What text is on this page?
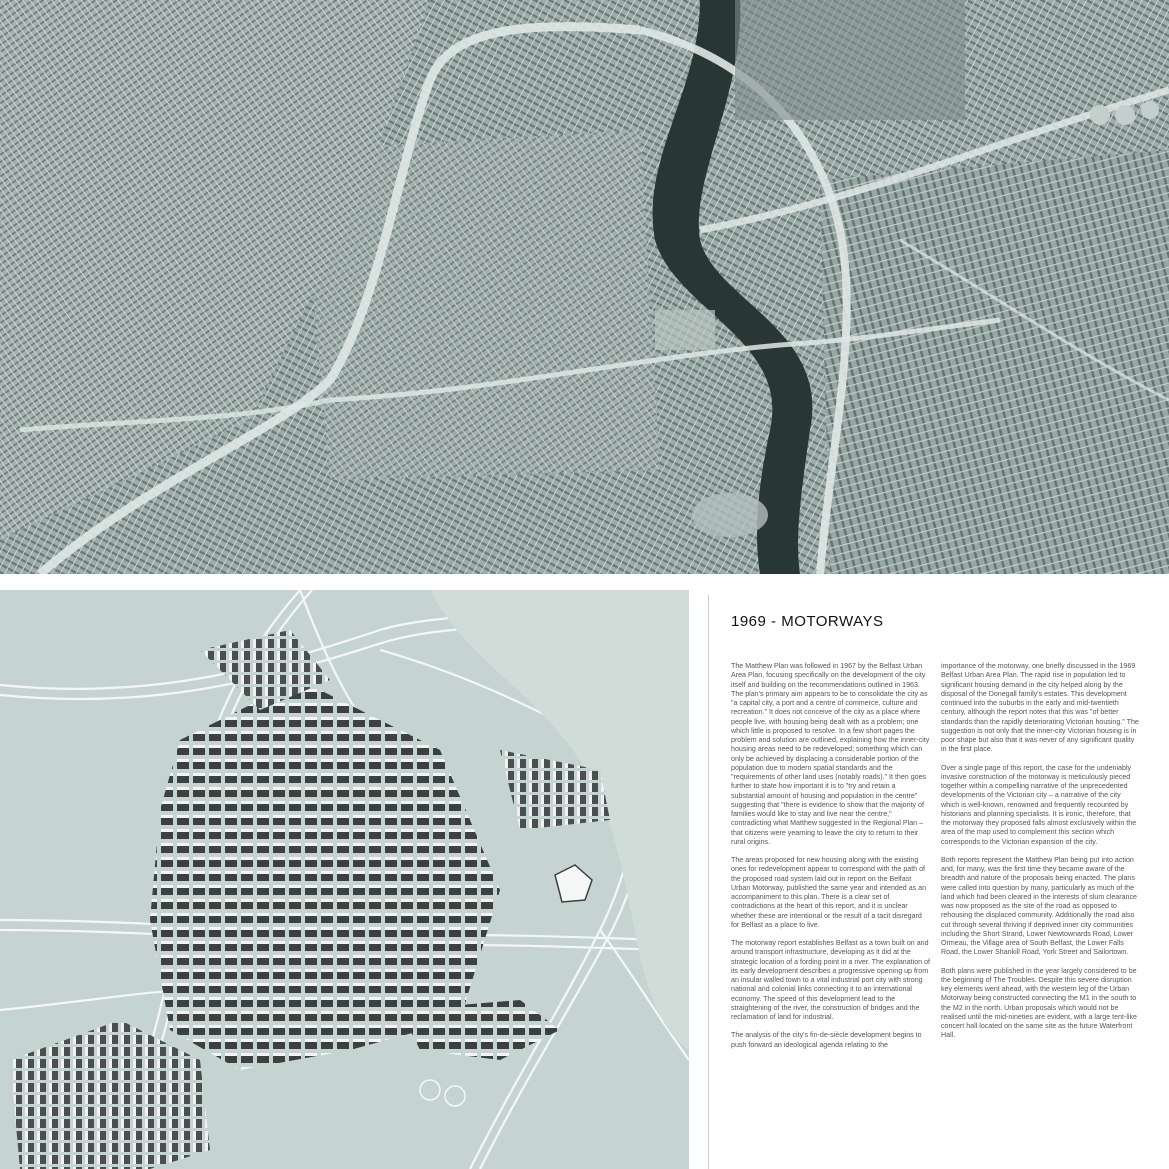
1969 - MOTORWAYS

The Matthew Plan was followed in 1967 by the Belfast Urban Area Plan, focusing specifically on the development of the city itself and building on the recommendations outlined in 1963. The plan's primary aim appears to be to consolidate the city as "a capital city, a port and a centre of commerce, culture and recreation." It does not conceive of the city as a place where people live, with housing being dealt with as a problem; one which little is proposed to resolve. In a few short pages the problem and solution are outlined, explaining how the inner-city housing areas need to be redeveloped; something which can only be achieved by displacing a considerable portion of the population due to modern spatial standards and the "requirements of other land uses (notably roads)." It then goes further to state how important it is to "try and retain a substantial amount of housing and population in the centre" suggesting that "there is evidence to show that the majority of families would like to stay and live near the centre," contradicting what Matthew suggested in the Regional Plan – that citizens were yearning to leave the city to return to their rural origins.

The areas proposed for new housing along with the existing ones for redevelopment appear to correspond with the path of the proposed road system laid out in report on the Belfast Urban Motorway, published the same year and intended as an accompaniment to this plan. There is a clear set of contradictions at the heart of this report, and it is unclear whether these are intentional or the result of a tacit disregard for Belfast as a place to live.

The motorway report establishes Belfast as a town built on and around transport infrastructure, developing as it did at the strategic location of a fording point in a river. The explanation of its early development describes a progressive opening up from an insular walled town to a vital industrial port city with strong national and colonial links connecting it to an international economy. The speed of this development lead to the straightening of the river, the construction of bridges and the reclamation of land for industrial.

The analysis of the city's fin-de-siècle development begins to push forward an ideological agenda relating to the

importance of the motorway, one briefly discussed in the 1969 Belfast Urban Area Plan. The rapid rise in population led to significant housing demand in the city helped along by the disposal of the Donegall family's estates. This development continued into the suburbs in the early and mid-twentieth century, although the report notes that this was "of better standards than the rapidly deteriorating Victorian housing." The suggestion is not only that the inner-city Victorian housing is in poor shape but also that it was never of any significant quality in the first place.

Over a single page of this report, the case for the undeniably invasive construction of the motorway is meticulously pieced together within a compelling narrative of the unprecedented developments of the Victorian city – a narrative of the city which is well-known, renowned and frequently recounted by historians and planning specialists. It is ironic, therefore, that the motorway they proposed falls almost exclusively within the area of the map used to complement this section which corresponds to the Victorian expansion of the city.

Both reports represent the Matthew Plan being put into action and, for many, was the first time they became aware of the breadth and nature of the proposals being enacted. The plans were called into question by many, particularly as much of the land which had been cleared in the interests of slum clearance was now proposed as the site of the road as opposed to rehousing the displaced community. Additionally the road also cut through several thriving if deprived inner city communities including the Short Strand, Lower Newtownards Road, Lower Ormeau, the Village area of South Belfast, the Lower Falls Road, the Lower Shankill Road, York Street and Sailortown.

Both plans were published in the year largely considered to be the beginning of The Troubles. Despite this severe disruption key elements went ahead, with the western leg of the Urban Motorway being constructed connecting the M1 in the south to the M2 in the north. Urban proposals which would not be realised until the mid-nineties are evident, with a large tent-like concert hall located on the same site as the future Waterfront Hall.
